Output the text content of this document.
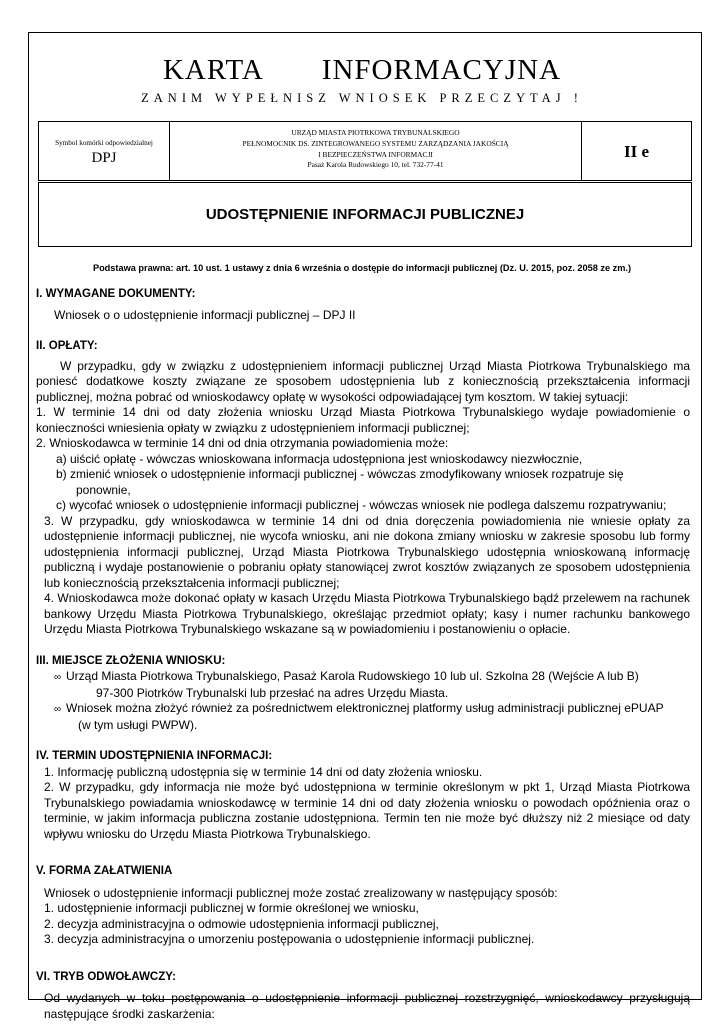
KARTA INFORMACYJNA
ZANIM WYPEŁNISZ WNIOSEK PRZECZYTAJ !
Symbol komórki odpowiedzialnej
DPJ
URZĄD MIASTA PIOTRKOWA TRYBUNALSKIEGO
PEŁNOMOCNIK DS. ZINTEGROWANEGO SYSTEMU ZARZĄDZANIA JAKOŚCIĄ
I BEZPIECZEŃSTWA INFORMACJI
Pasaż Karola Rudowskiego 10, tel. 732-77-41
II e
UDOSTĘPNIENIE INFORMACJI PUBLICZNEJ
Podstawa prawna: art. 10 ust. 1 ustawy z dnia 6 września o dostępie do informacji publicznej (Dz. U. 2015, poz. 2058 ze zm.)
I. WYMAGANE DOKUMENTY:

Wniosek o o udostępnienie informacji publicznej – DPJ II

II. OPŁATY:

W przypadku, gdy w związku z udostępnieniem informacji publicznej Urząd Miasta Piotrkowa Trybunalskiego ma poniesć dodatkowe koszty związane ze sposobem udostępnienia lub z koniecznością przekształcenia informacji publicznej, można pobrać od wnioskodawcy opłatę w wysokości odpowiadającej tym kosztom. W takiej sytuacji:

1. W terminie 14 dni od daty złożenia wniosku Urząd Miasta Piotrkowa Trybunalskiego wydaje powiadomienie o konieczności wniesienia opłaty w związku z udostępnieniem informacji publicznej;

2. Wnioskodawca w terminie 14 dni od dnia otrzymania powiadomienia może:

a) uiścić opłatę - wówczas wnioskowana informacja udostępniona jest wnioskodawcy niezwłocznie,

b) zmienić wniosek o udostępnienie informacji publicznej - wówczas zmodyfikowany wniosek rozpatruje się

ponownie,

c) wycofać wniosek o udostępnienie informacji publicznej - wówczas wniosek nie podlega dalszemu rozpatrywaniu;

3. W przypadku, gdy wnioskodawca w terminie 14 dni od dnia doręczenia powiadomienia nie wniesie opłaty za udostępnienie informacji publicznej, nie wycofa wniosku, ani nie dokona zmiany wniosku w zakresie sposobu lub formy udostępnienia informacji publicznej, Urząd Miasta Piotrkowa Trybunalskiego udostępnia wnioskowaną informację publiczną i wydaje postanowienie o pobraniu opłaty stanowiącej zwrot kosztów związanych ze sposobem udostępnienia lub koniecznością przekształcenia informacji publicznej;

4. Wnioskodawca może dokonać opłaty w kasach Urzędu Miasta Piotrkowa Trybunalskiego bądź przelewem na rachunek bankowy Urzędu Miasta Piotrkowa Trybunalskiego, określając przedmiot opłaty; kasy i numer rachunku bankowego Urzędu Miasta Piotrkowa Trybunalskiego wskazane są w powiadomieniu i postanowieniu o opłacie.

III. MIEJSCE ZŁOŻENIA WNIOSKU:

∞ Urząd Miasta Piotrkowa Trybunalskiego, Pasaż Karola Rudowskiego 10 lub ul. Szkolna 28 (Wejście A lub B)

97-300 Piotrków Trybunalski lub przesłać na adres Urzędu Miasta.

∞ Wniosek można złożyć również za pośrednictwem elektronicznej platformy usług administracji publicznej ePUAP

(w tym usługi PWPW).

IV. TERMIN UDOSTĘPNIENIA INFORMACJI:

1. Informację publiczną udostępnia się w terminie 14 dni od daty złożenia wniosku.

2. W przypadku, gdy informacja nie może być udostępniona w terminie określonym w pkt 1, Urząd Miasta Piotrkowa Trybunalskiego powiadamia wnioskodawcę w terminie 14 dni od daty złożenia wniosku o powodach opóźnienia oraz o terminie, w jakim informacja publiczna zostanie udostępniona. Termin ten nie może być dłuższy niż 2 miesiące od daty wpływu wniosku do Urzędu Miasta Piotrkowa Trybunalskiego.

V. FORMA ZAŁATWIENIA

Wniosek o udostępnienie informacji publicznej może zostać zrealizowany w następujący sposób:

1. udostępnienie informacji publicznej w formie określonej we wniosku,

2. decyzja administracyjna o odmowie udostępnienia informacji publicznej,

3. decyzja administracyjna o umorzeniu postępowania o udostępnienie informacji publicznej.

VI. TRYB ODWOŁAWCZY:

Od wydanych w toku postępowania o udostępnienie informacji publicznej rozstrzygnięć, wnioskodawcy przysługują następujące środki zaskarżenia:
